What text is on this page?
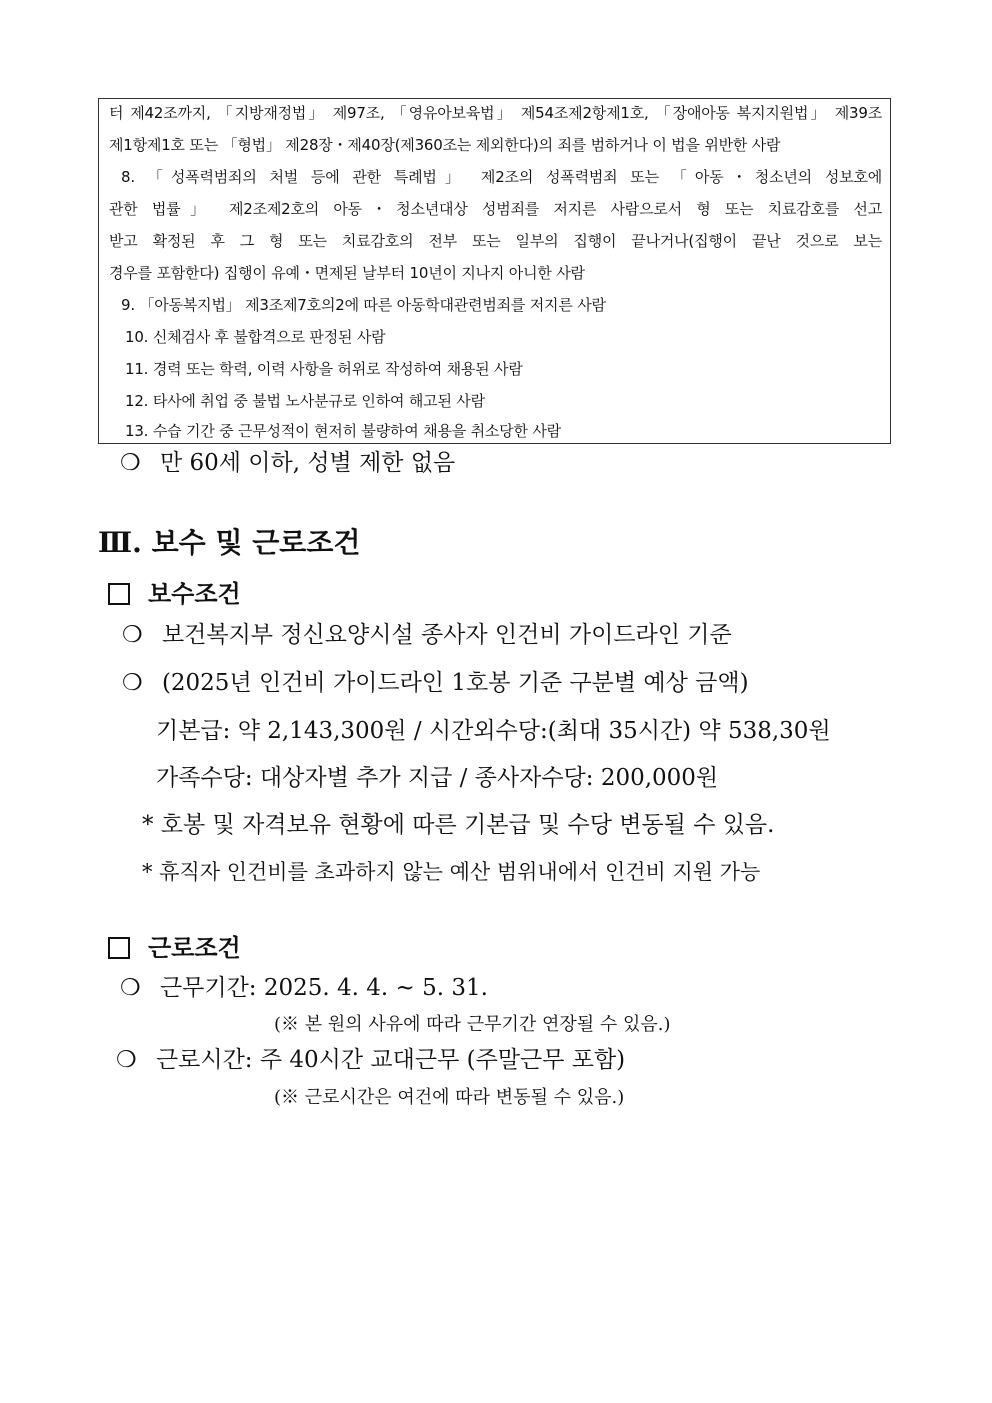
터 제42조까지, 「지방재정법」 제97조, 「영유아보육법」 제54조제2항제1호, 「장애아동 복지지원법」 제39조
제1항제1호 또는 「형법」 제28장・제40장(제360조는 제외한다)의 죄를 범하거나 이 법을 위반한 사람
8. 「성폭력범죄의 처벌 등에 관한 특례법」 제2조의 성폭력범죄 또는 「아동・청소년의 성보호에
관한 법률」 제2조제2호의 아동・청소년대상 성범죄를 저지른 사람으로서 형 또는 치료감호를 선고
받고 확정된 후 그 형 또는 치료감호의 전부 또는 일부의 집행이 끝나거나(집행이 끝난 것으로 보는
경우를 포함한다) 집행이 유예・면제된 날부터 10년이 지나지 아니한 사람
9. 「아동복지법」 제3조제7호의2에 따른 아동학대관련범죄를 저지른 사람
10. 신체검사 후 불합격으로 판정된 사람
11. 경력 또는 학력, 이력 사항을 허위로 작성하여 채용된 사람
12. 타사에 취업 중 불법 노사분규로 인하여 해고된 사람
13. 수습 기간 중 근무성적이 현저히 불량하여 채용을 취소당한 사람
❍ 만 60세 이하, 성별 제한 없음
Ⅲ. 보수 및 근로조건
보수조건
❍ 보건복지부 정신요양시설 종사자 인건비 가이드라인 기준
❍ (2025년 인건비 가이드라인 1호봉 기준 구분별 예상 금액)
기본급: 약 2,143,300원 / 시간외수당:(최대 35시간) 약 538,30원
가족수당: 대상자별 추가 지급 / 종사자수당: 200,000원
* 호봉 및 자격보유 현황에 따른 기본급 및 수당 변동될 수 있음.
* 휴직자 인건비를 초과하지 않는 예산 범위내에서 인건비 지원 가능
근로조건
❍ 근무기간: 2025. 4. 4. ~ 5. 31.
(※ 본 원의 사유에 따라 근무기간 연장될 수 있음.)
❍ 근로시간: 주 40시간 교대근무 (주말근무 포함)
(※ 근로시간은 여건에 따라 변동될 수 있음.)
